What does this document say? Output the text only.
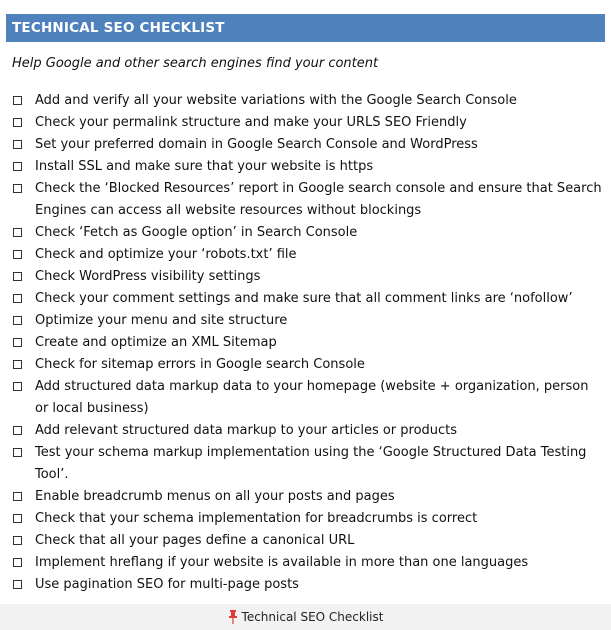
TECHNICAL SEO CHECKLIST
Help Google and other search engines find your content
Add and verify all your website variations with the Google Search Console
Check your permalink structure and make your URLS SEO Friendly
Set your preferred domain in Google Search Console and WordPress
Install SSL and make sure that your website is https
Check the ‘Blocked Resources’ report in Google search console and ensure that Search Engines can access all website resources without blockings
Check ‘Fetch as Google option’ in Search Console
Check and optimize your ‘robots.txt’ file
Check WordPress visibility settings
Check your comment settings and make sure that all comment links are ‘nofollow’
Optimize your menu and site structure
Create and optimize an XML Sitemap
Check for sitemap errors in Google search Console
Add structured data markup data to your homepage (website + organization, person or local business)
Add relevant structured data markup to your articles or products
Test your schema markup implementation using the ‘Google Structured Data Testing Tool’.
Enable breadcrumb menus on all your posts and pages
Check that your schema implementation for breadcrumbs is correct
Check that all your pages define a canonical URL
Implement hreflang if your website is available in more than one languages
Use pagination SEO for multi-page posts
Technical SEO Checklist
